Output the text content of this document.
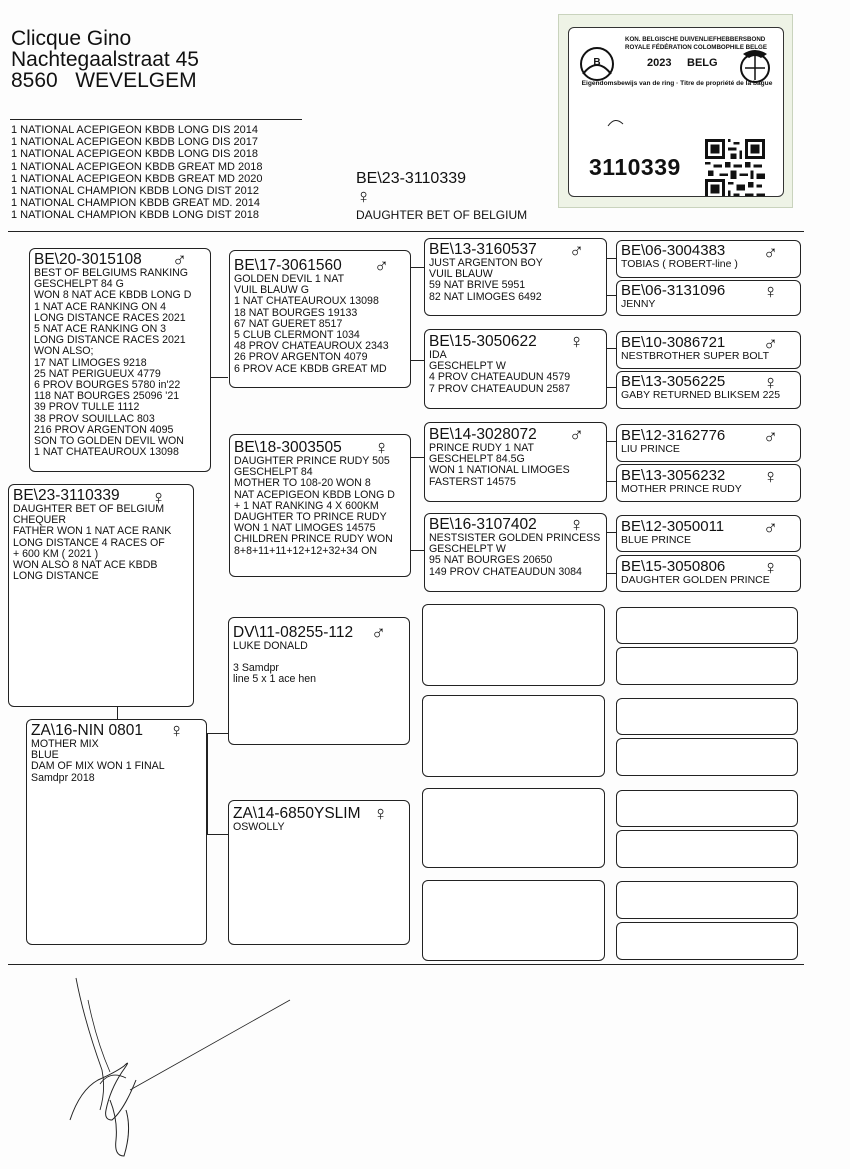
Clicque Gino
Nachtegaalstraat 45
8560 WEVELGEM
1 NATIONAL ACEPIGEON KBDB LONG DIS 2014
1 NATIONAL ACEPIGEON KBDB LONG DIS 2017
1 NATIONAL ACEPIGEON KBDB LONG DIS 2018
1 NATIONAL ACEPIGEON KBDB GREAT MD 2018
1 NATIONAL ACEPIGEON KBDB GREAT MD 2020
1 NATIONAL CHAMPION KBDB LONG DIST 2012
1 NATIONAL CHAMPION KBDB GREAT MD. 2014
1 NATIONAL CHAMPION KBDB LONG DIST 2018
BE\23-3110339
♀
DAUGHTER BET OF BELGIUM
B
KON. BELGISCHE DUIVENLIEFHEBBERSBOND
ROYALE FÉDÉRATION COLOMBOPHILE BELGE
2023 BELG
Eigendomsbewijs van de ring · Titre de propriété de la bague
3110339
BE\23-3110339	♀
DAUGHTER BET OF BELGIUM
CHEQUER
FATHER WON 1 NAT ACE RANK
LONG DISTANCE 4 RACES OF
+ 600 KM ( 2021 )
WON ALSO 8 NAT ACE KBDB
LONG DISTANCE
BE\20-3015108	♂
BEST OF BELGIUMS RANKING
GESCHELPT 84 G
WON 8 NAT ACE KBDB LONG D
1 NAT ACE RANKING ON 4
LONG DISTANCE RACES 2021
5 NAT ACE RANKING ON 3
LONG DISTANCE RACES 2021
WON ALSO;
17 NAT LIMOGES 9218
25 NAT PERIGUEUX 4779
6 PROV BOURGES 5780 in'22
118 NAT BOURGES 25096 '21
39 PROV TULLE 1112
38 PROV SOUILLAC 803
216 PROV ARGENTON 4095
SON TO GOLDEN DEVIL WON
1 NAT CHATEAUROUX 13098
ZA\16-NIN 0801	♀
MOTHER MIX
BLUE
DAM OF MIX WON 1 FINAL
Samdpr 2018
BE\17-3061560	♂
GOLDEN DEVIL 1 NAT
VUIL BLAUW G
1 NAT CHATEAUROUX 13098
18 NAT BOURGES 19133
67 NAT GUERET 8517
5 CLUB CLERMONT 1034
48 PROV CHATEAUROUX 2343
26 PROV ARGENTON 4079
6 PROV ACE KBDB GREAT MD
BE\18-3003505	♀
DAUGHTER PRINCE RUDY 505
GESCHELPT 84
MOTHER TO 108-20 WON 8
NAT ACEPIGEON KBDB LONG D
+ 1 NAT RANKING 4 X 600KM
DAUGHTER TO PRINCE RUDY
WON 1 NAT LIMOGES 14575
CHILDREN PRINCE RUDY WON
8+8+11+11+12+12+32+34 ON
DV\11-08255-112 ♂
LUKE DONALD
3 Samdpr
line 5 x 1 ace hen
ZA\14-6850YSLIM ♀
OSWOLLY
BE\13-3160537	♂
JUST ARGENTON BOY
VUIL BLAUW
59 NAT BRIVE 5951
82 NAT LIMOGES 6492
BE\15-3050622	♀
IDA
GESCHELPT W
4 PROV CHATEAUDUN 4579
7 PROV CHATEAUDUN 2587
BE\14-3028072	♂
PRINCE RUDY 1 NAT
GESCHELPT 84.5G
WON 1 NATIONAL LIMOGES
FASTERST 14575
BE\16-3107402	♀
NESTSISTER GOLDEN PRINCESS
GESCHELPT W
95 NAT BOURGES 20650
149 PROV CHATEAUDUN 3084
BE\06-3004383	♂
TOBIAS ( ROBERT-line )
BE\06-3131096	♀
JENNY
BE\10-3086721	♂
NESTBROTHER SUPER BOLT
BE\13-3056225	♀
GABY RETURNED BLIKSEM 225
BE\12-3162776	♂
LIU PRINCE
BE\13-3056232	♀
MOTHER PRINCE RUDY
BE\12-3050011	♂
BLUE PRINCE
BE\15-3050806	♀
DAUGHTER GOLDEN PRINCE
